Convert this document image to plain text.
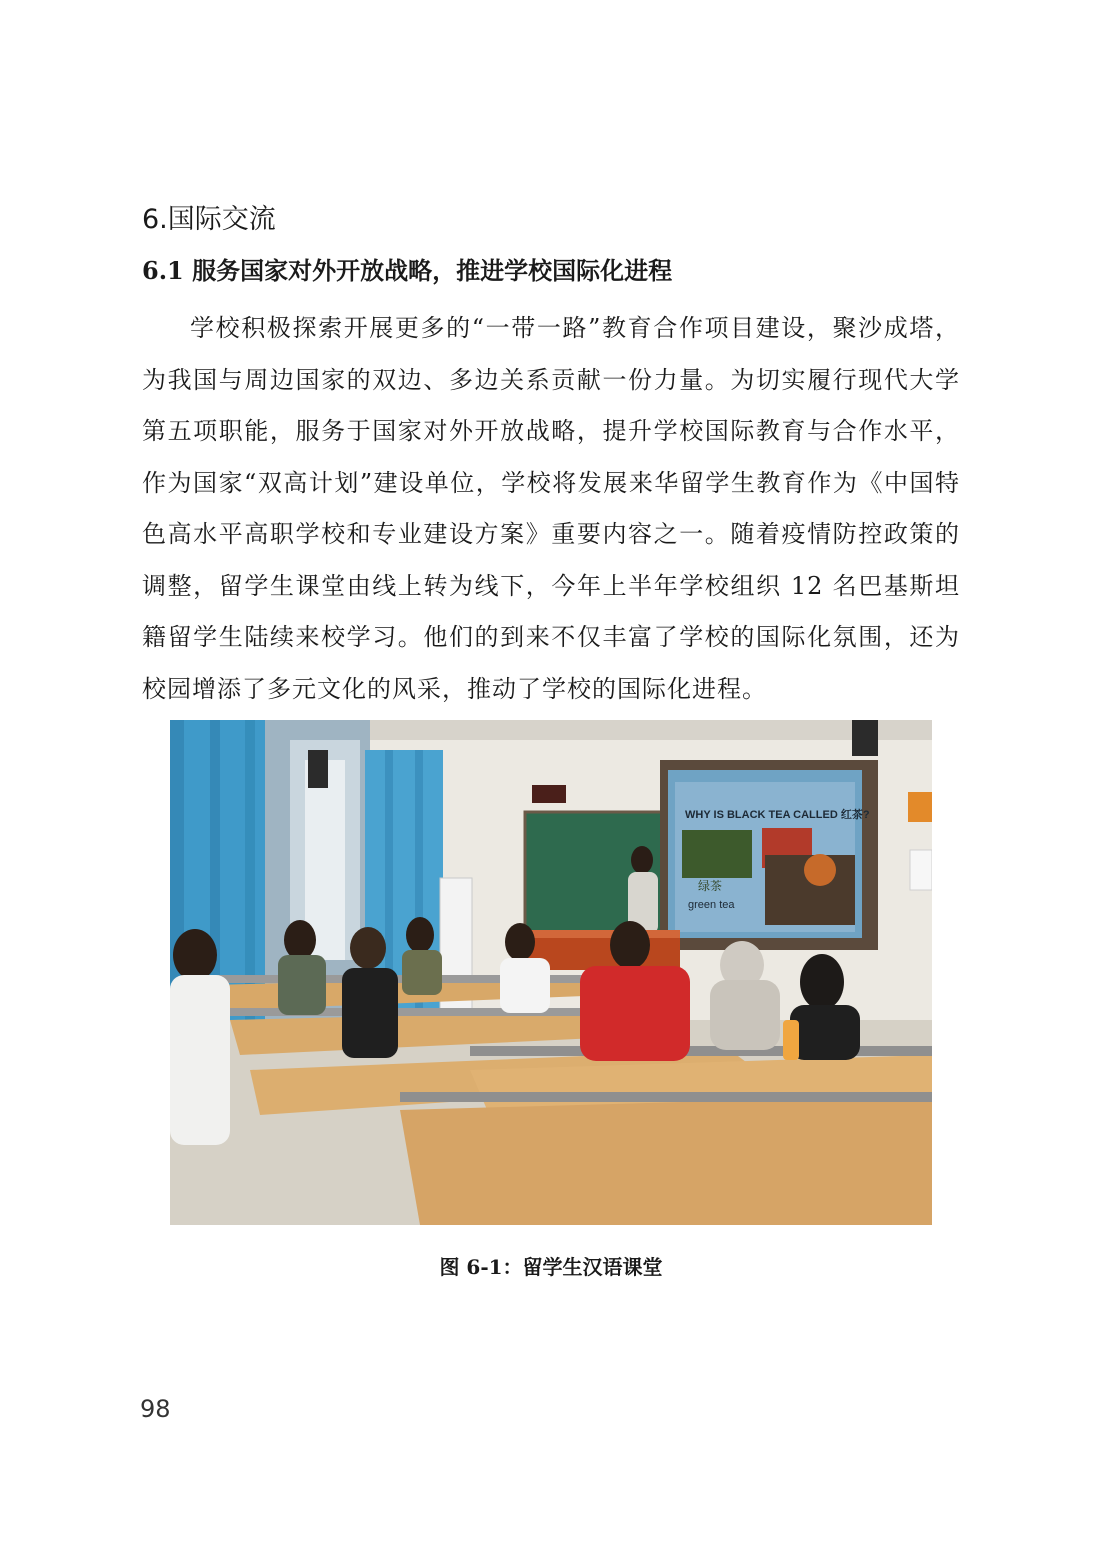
6.国际交流
6.1 服务国家对外开放战略，推进学校国际化进程

学校积极探索开展更多的“一带一路”教育合作项目建设，聚沙成塔，为我国与周边国家的双边、多边关系贡献一份力量。为切实履行现代大学第五项职能，服务于国家对外开放战略，提升学校国际教育与合作水平，作为国家“双高计划”建设单位，学校将发展来华留学生教育作为《中国特色高水平高职学校和专业建设方案》重要内容之一。随着疫情防控政策的调整，留学生课堂由线上转为线下，今年上半年学校组织 12 名巴基斯坦籍留学生陆续来校学习。他们的到来不仅丰富了学校的国际化氛围，还为校园增添了多元文化的风采，推动了学校的国际化进程。

WHY IS BLACK TEA CALLED 红茶?
绿茶
green tea

图 6-1：留学生汉语课堂

98
